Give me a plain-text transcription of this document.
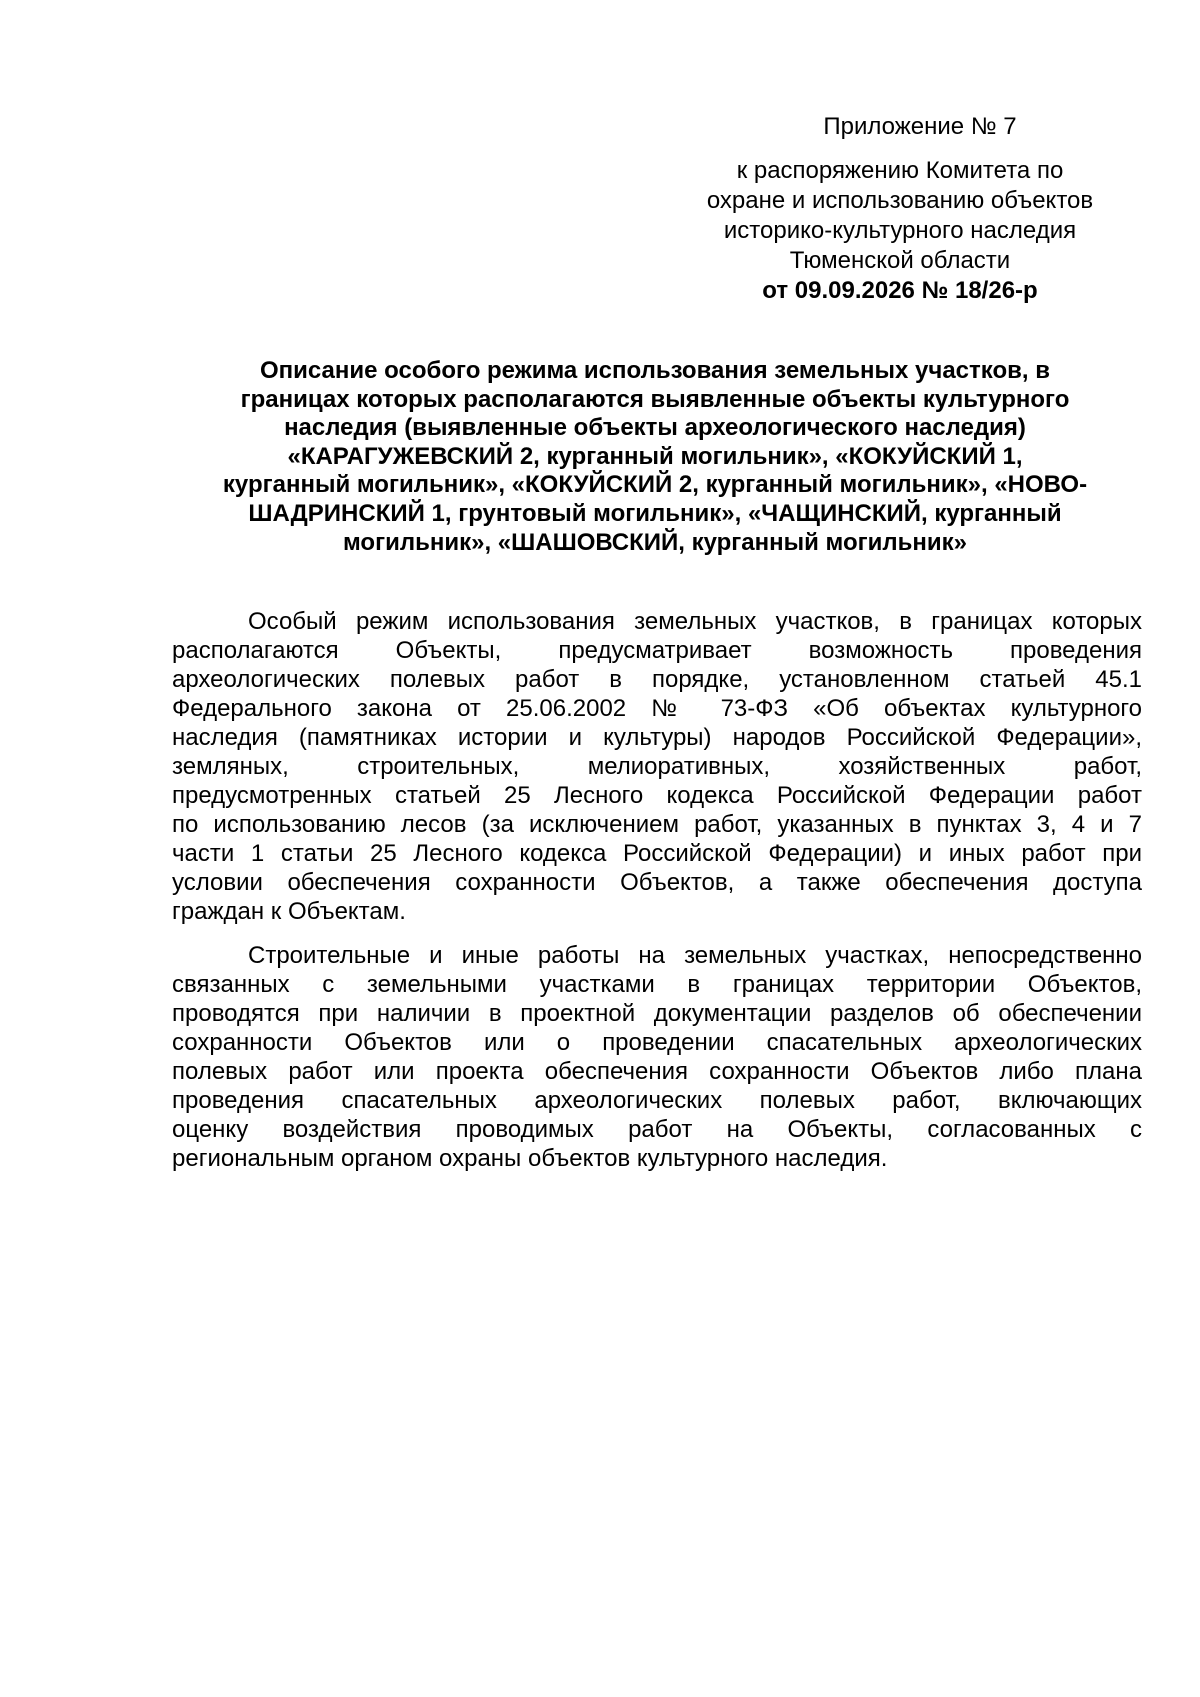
Приложение № 7
к распоряжению Комитета по
охране и использованию объектов
историко-культурного наследия
Тюменской области
от 09.09.2026 № 18/26-р
Описание особого режима использования земельных участков, в
границах которых располагаются выявленные объекты культурного
наследия (выявленные объекты археологического наследия)
«КАРАГУЖЕВСКИЙ 2, курганный могильник», «КОКУЙСКИЙ 1,
курганный могильник», «КОКУЙСКИЙ 2, курганный могильник», «НОВО-
ШАДРИНСКИЙ 1, грунтовый могильник», «ЧАЩИНСКИЙ, курганный
могильник», «ШАШОВСКИЙ, курганный могильник»
Особый режим использования земельных участков, в границах которых
располагаются Объекты, предусматривает возможность проведения
археологических полевых работ в порядке, установленном статьей 45.1
Федерального закона от 25.06.2002 № 73-ФЗ «Об объектах культурного
наследия (памятниках истории и культуры) народов Российской Федерации»,
земляных, строительных, мелиоративных, хозяйственных работ,
предусмотренных статьей 25 Лесного кодекса Российской Федерации работ
по использованию лесов (за исключением работ, указанных в пунктах 3, 4 и 7
части 1 статьи 25 Лесного кодекса Российской Федерации) и иных работ при
условии обеспечения сохранности Объектов, а также обеспечения доступа
граждан к Объектам.
Строительные и иные работы на земельных участках, непосредственно
связанных с земельными участками в границах территории Объектов,
проводятся при наличии в проектной документации разделов об обеспечении
сохранности Объектов или о проведении спасательных археологических
полевых работ или проекта обеспечения сохранности Объектов либо плана
проведения спасательных археологических полевых работ, включающих
оценку воздействия проводимых работ на Объекты, согласованных с
региональным органом охраны объектов культурного наследия.
